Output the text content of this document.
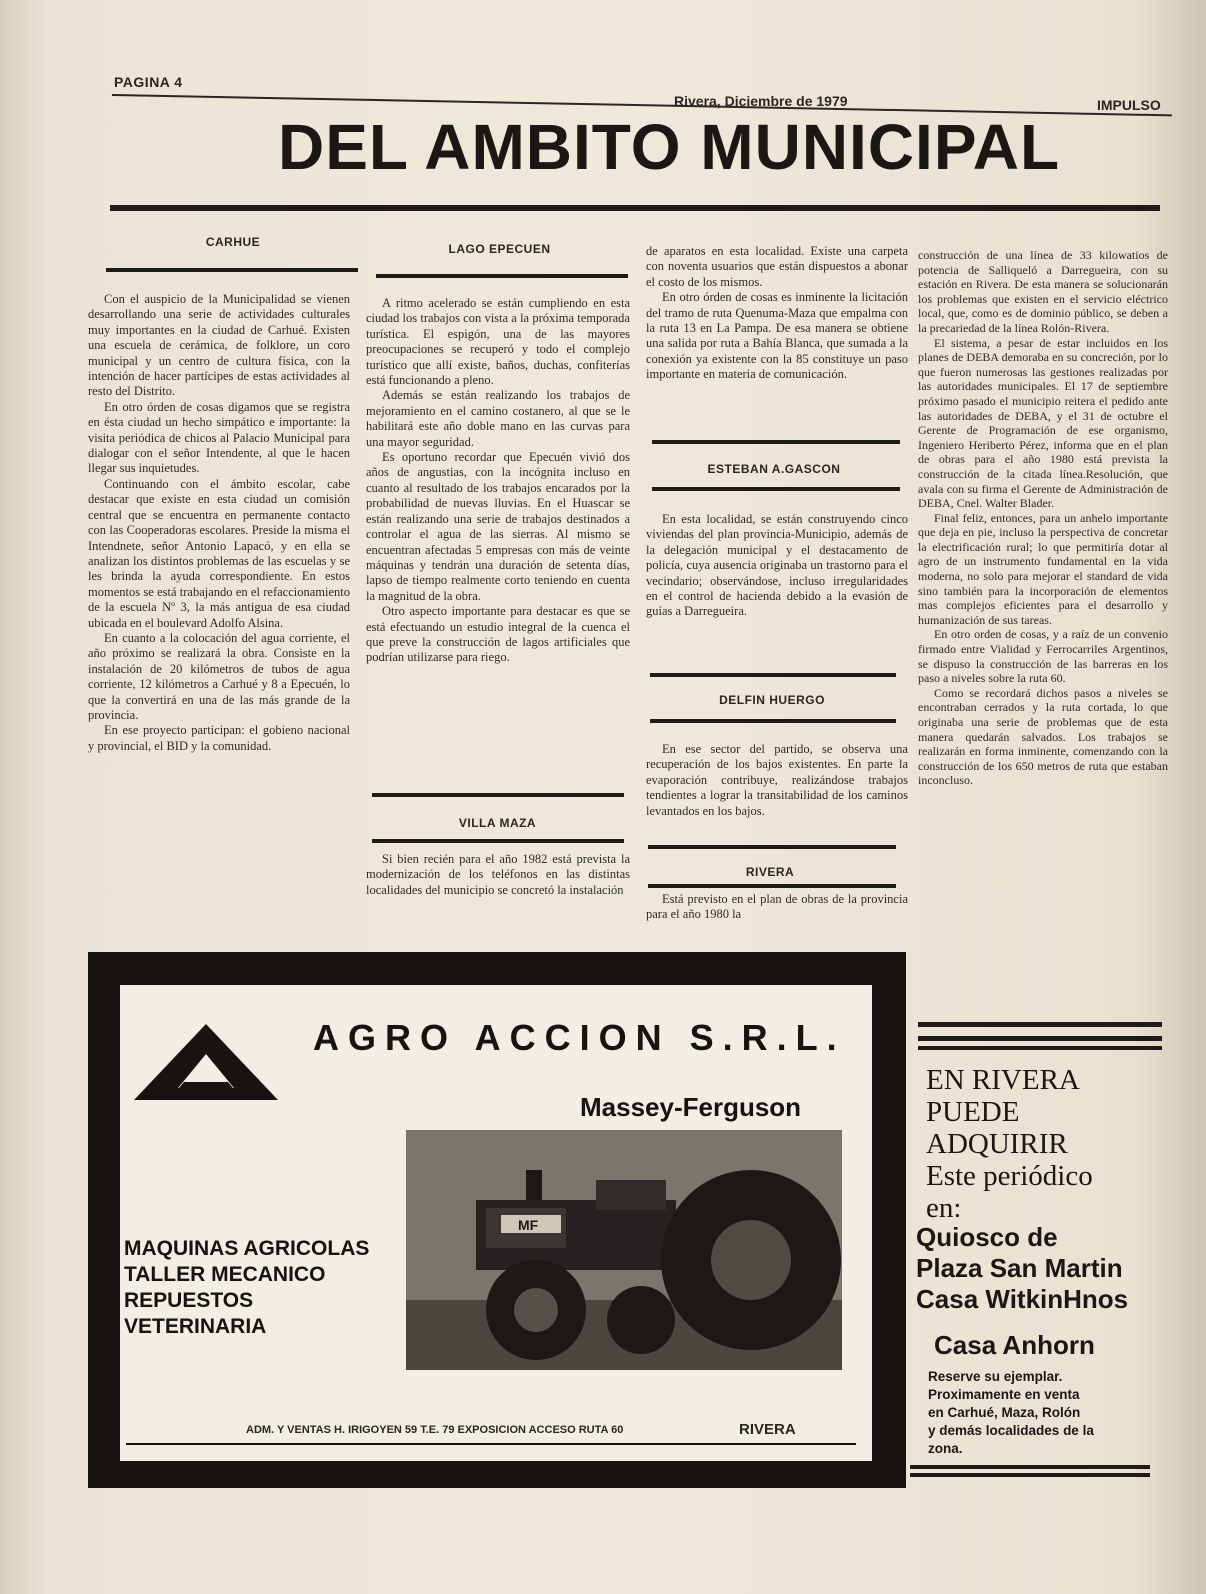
PAGINA 4
Rivera, Diciembre de 1979	IMPULSO
DEL AMBITO MUNICIPAL
CARHUE

Con el auspicio de la Municipalidad se vienen desarrollando una serie de actividades culturales muy importantes en la ciudad de Carhué. Existen una escuela de cerámica, de folklore, un coro municipal y un centro de cultura física, con la intención de hacer partícipes de estas actividades al resto del Distrito.

En otro órden de cosas digamos que se registra en ésta ciudad un hecho simpático e importante: la visita periódica de chicos al Palacio Municipal para dialogar con el señor Intendente, al que le hacen llegar sus inquietudes.

Continuando con el ámbito escolar, cabe destacar que existe en esta ciudad un comisión central que se encuentra en permanente contacto con las Cooperadoras escolares. Preside la misma el Intendnete, señor Antonio Lapacó, y en ella se analizan los distintos problemas de las escuelas y se les brinda la ayuda correspondiente. En estos momentos se está trabajando en el refaccionamiento de la escuela Nº 3, la más antigua de esa ciudad ubicada en el boulevard Adolfo Alsina.

En cuanto a la colocación del agua corriente, el año próximo se realizará la obra. Consiste en la instalación de 20 kilómetros de tubos de agua corriente, 12 kilómetros a Carhué y 8 a Epecuén, lo que la convertirá en una de las más grande de la provincia.

En ese proyecto participan: el gobieno nacional y provincial, el BID y la comunidad.

LAGO EPECUEN

A ritmo acelerado se están cumpliendo en esta ciudad los trabajos con vista a la próxima temporada turística. El espigón, una de las mayores preocupaciones se recuperó y todo el complejo turístico que allí existe, baños, duchas, confiterías está funcionando a pleno.

Además se están realizando los trabajos de mejoramiento en el camino costanero, al que se le habilitará este año doble mano en las curvas para una mayor seguridad.

Es oportuno recordar que Epecuén vivió dos años de angustias, con la incógnita incluso en cuanto al resultado de los trabajos encarados por la probabilidad de nuevas lluvias. En el Huascar se están realizando una serie de trabajos destinados a controlar el agua de las sierras. Al mismo se encuentran afectadas 5 empresas con más de veinte máquinas y tendrán una duración de setenta días, lapso de tiempo realmente corto teniendo en cuenta la magnitud de la obra.

Otro aspecto importante para destacar es que se está efectuando un estudio integral de la cuenca el que preve la construcción de lagos artificiales que podrían utilizarse para riego.

VILLA MAZA

Si bien recién para el año 1982 está prevista la modernización de los teléfonos en las distintas localidades del municipio se concretó la instalación

de aparatos en esta localidad. Existe una carpeta con noventa usuarios que están dispuestos a abonar el costo de los mismos.

En otro órden de cosas es inminente la licitación del tramo de ruta Quenuma-Maza que empalma con la ruta 13 en La Pampa. De esa manera se obtiene una salida por ruta a Bahía Blanca, que sumada a la conexión ya existente con la 85 constituye un paso importante en materia de comunicación.

ESTEBAN A.GASCON

En esta localidad, se están construyendo cinco viviendas del plan provincia-Municipio, además de la delegación municipal y el destacamento de policía, cuya ausencia originaba un trastorno para el vecindario; observándose, incluso irregularidades en el control de hacienda debido a la evasión de guías a Darregueira.

DELFIN HUERGO

En ese sector del partido, se observa una recuperación de los bajos existentes. En parte la evaporación contribuye, realizándose trabajos tendientes a lograr la transitabilidad de los caminos levantados en los bajos.

RIVERA

Está previsto en el plan de obras de la provincia para el año 1980 la

construcción de una línea de 33 kilowatios de potencia de Salliqueló a Darregueira, con su estación en Rivera. De esta manera se solucionarán los problemas que existen en el servicio eléctrico local, que, como es de dominio público, se deben a la precariedad de la línea Rolón-Rivera.

El sistema, a pesar de estar incluidos en los planes de DEBA demoraba en su concreción, por lo que fueron numerosas las gestiones realizadas por las autoridades municipales. El 17 de septiembre próximo pasado el municipio reitera el pedido ante las autoridades de DEBA, y el 31 de octubre el Gerente de Programación de ese organismo, Ingeniero Heriberto Pérez, informa que en el plan de obras para el año 1980 está prevista la construcción de la citada línea.Resolución, que avala con su firma el Gerente de Administración de DEBA, Cnel. Walter Blader.

Final feliz, entonces, para un anhelo importante que deja en pie, incluso la perspectiva de concretar la electrificación rural; lo que permitiría dotar al agro de un instrumento fundamental en la vida moderna, no solo para mejorar el standard de vida sino también para la incorporación de elementos mas complejos eficientes para el desarrollo y humanización de sus tareas.

En otro orden de cosas, y a raíz de un convenio firmado entre Vialidad y Ferrocarriles Argentinos, se dispuso la construcción de las barreras en los paso a niveles sobre la ruta 60.

Como se recordará dichos pasos a niveles se encontraban cerrados y la ruta cortada, lo que originaba una serie de problemas que de esta manera quedarán salvados. Los trabajos se realizarán en forma inminente, comenzando con la construcción de los 650 metros de ruta que estaban inconcluso.

AGRO ACCION S.R.L.
Massey-Ferguson
MF
MAQUINAS AGRICOLAS
TALLER MECANICO
REPUESTOS
VETERINARIA
ADM. Y VENTAS H. IRIGOYEN 59 T.E. 79 EXPOSICION ACCESO RUTA 60	RIVERA
EN RIVERA
PUEDE
ADQUIRIR
Este periódico
en:
Quiosco de
Plaza San Martin
Casa WitkinHnos
Casa Anhorn
Reserve su ejemplar.
Proximamente en venta
en Carhué, Maza, Rolón
y demás localidades de la
zona.
